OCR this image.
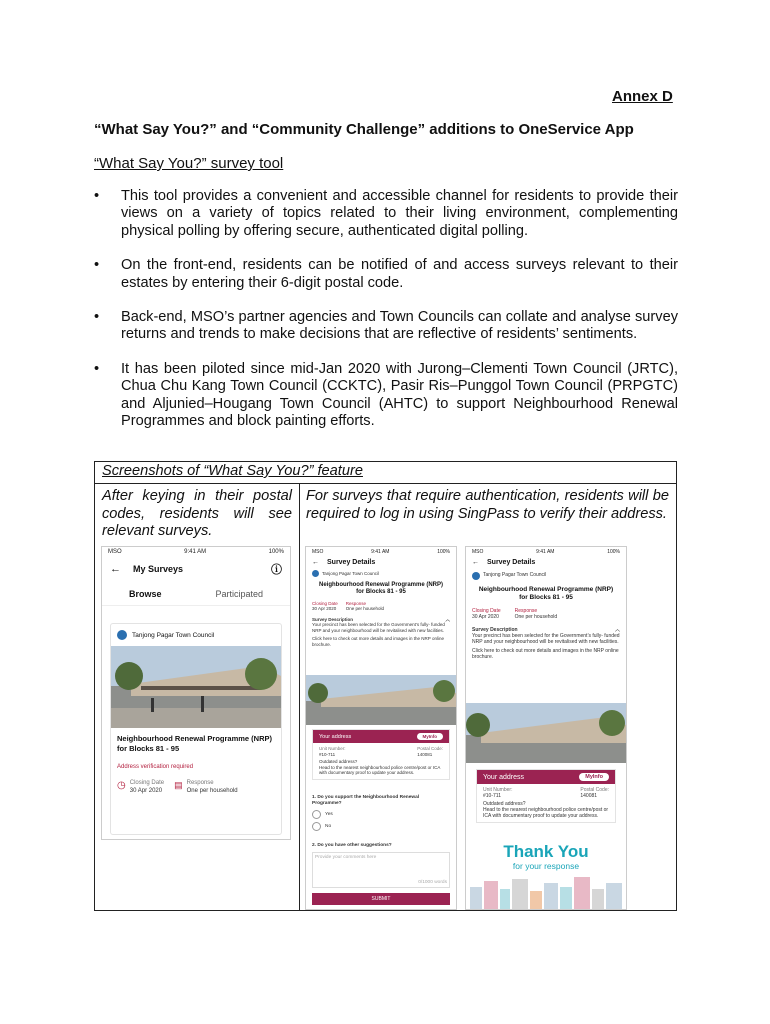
Annex D
“What Say You?” and “Community Challenge” additions to OneService App
“What Say You?” survey tool
• This tool provides a convenient and accessible channel for residents to provide their views on a variety of topics related to their living environment, complementing physical polling by offering secure, authenticated digital polling.
• On the front-end, residents can be notified of and access surveys relevant to their estates by entering their 6-digit postal code.
• Back-end, MSO’s partner agencies and Town Councils can collate and analyse survey returns and trends to make decisions that are reflective of residents’ sentiments.
• It has been piloted since mid-Jan 2020 with Jurong–Clementi Town Council (JRTC), Chua Chu Kang Town Council (CCKTC), Pasir Ris–Punggol Town Council (PRPGTC) and Aljunied–Hougang Town Council (AHTC) to support Neighbourhood Renewal Programmes and block painting efforts.
Screenshots of “What Say You?” feature
After keying in their postal codes, residents will see relevant surveys.
MSO	9:41 AM	100%
← My Surveys	ⓘ
Browse	Participated
Tanjong Pagar Town Council
Neighbourhood Renewal Programme (NRP) for Blocks 81 - 95
Address verification required
◷ Closing Date
30 Apr 2020
▤ Response
One per household
For surveys that require authentication, residents will be required to log in using SingPass to verify their address.
MSO	9:41 AM	100%
← Survey Details
Tanjong Pagar Town Council
Neighbourhood Renewal Programme (NRP) for Blocks 81 - 95
Closing Date
30 Apr 2020
Response
One per household
Survey Description	︿
Your precinct has been selected for the Government’s fully- funded NRP and your neighbourhood will be revitalised with new facilities.
Click here to check out more details and images in the NRP online brochure.
Your address	MyInfo
Unit Number:
#10-711
Postal Code:
140081
Outdated address?
Head to the nearest neighbourhood police centre/post or ICA with documentary proof to update your address.
1. Do you support the Neighbourhood Renewal Programme?
Yes
No
2. Do you have other suggestions?
Provide your comments here
0/1000 words
SUBMIT
MSO	9:41 AM	100%
← Survey Details
Tanjong Pagar Town Council
Neighbourhood Renewal Programme (NRP) for Blocks 81 - 95
Closing Date
30 Apr 2020
Response
One per household
Survey Description	︿
Your precinct has been selected for the Government’s fully- funded NRP and your neighbourhood will be revitalised with new facilities.
Click here to check out more details and images in the NRP online brochure.
Your address	MyInfo
Unit Number:
#10-711
Postal Code:
140081
Outdated address?
Head to the nearest neighbourhood police centre/post or ICA with documentary proof to update your address.
Thank You
for your response
